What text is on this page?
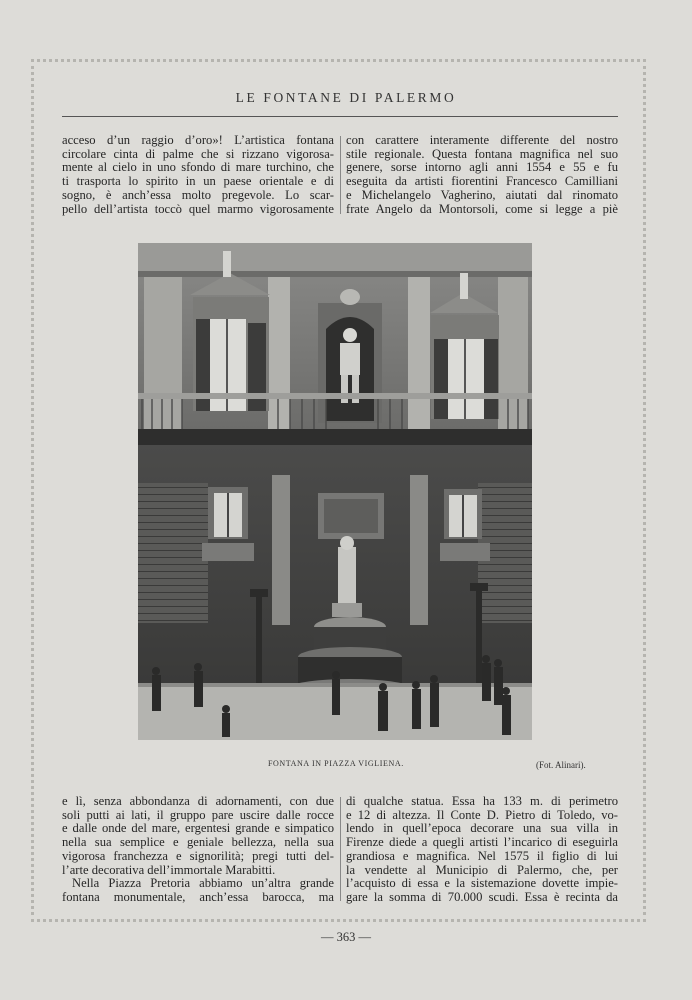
LE FONTANE DI PALERMO
acceso d’un raggio d’oro»! L’artistica fontana
circolare cinta di palme che si rizzano vigorosa-
mente al cielo in uno sfondo di mare turchino, che
ti trasporta lo spirito in un paese orientale e di
sogno, è anch’essa molto pregevole. Lo scar-
pello dell’artista toccò quel marmo vigorosamente
con carattere interamente differente del nostro
stile regionale. Questa fontana magnifica nel suo
genere, sorse intorno agli anni 1554 e 55 e fu
eseguita da artisti fiorentini Francesco Camilliani
e Michelangelo Vagherino, aiutati dal rinomato
frate Angelo da Montorsoli, come si legge a piè
FONTANA IN PIAZZA VIGLIENA.	(Fot. Alinari).
e lì, senza abbondanza di adornamenti, con due
soli putti ai lati, il gruppo pare uscire dalle rocce
e dalle onde del mare, ergentesi grande e simpatico
nella sua semplice e geniale bellezza, nella sua
vigorosa franchezza e signorilità; pregi tutti del-
l’arte decorativa dell’immortale Marabitti.
Nella Piazza Pretoria abbiamo un’altra grande
fontana monumentale, anch’essa barocca, ma
di qualche statua. Essa ha 133 m. di perimetro
e 12 di altezza. Il Conte D. Pietro di Toledo, vo-
lendo in quell’epoca decorare una sua villa in
Firenze diede a quegli artisti l’incarico di eseguirla
grandiosa e magnifica. Nel 1575 il figlio di lui
la vendette al Municipio di Palermo, che, per
l’acquisto di essa e la sistemazione dovette impie-
gare la somma di 70.000 scudi. Essa è recinta da
— 363 —
